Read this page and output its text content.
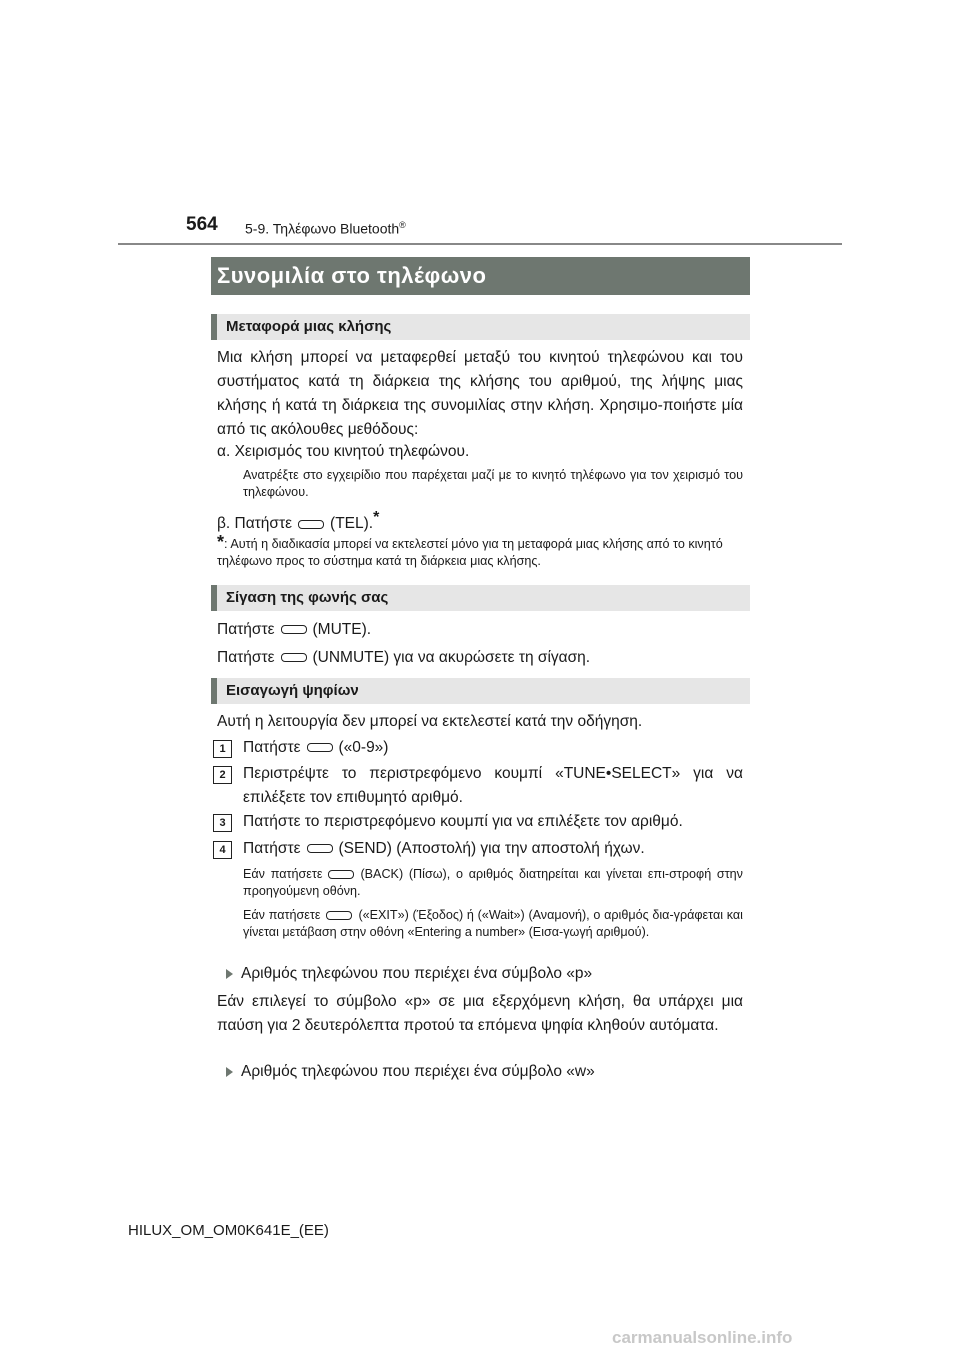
564 5-9. Τηλέφωνο Bluetooth®
Συνομιλία στο τηλέφωνο
Μεταφορά μιας κλήσης
Μια κλήση μπορεί να μεταφερθεί μεταξύ του κινητού τηλεφώνου και του συστήματος κατά τη διάρκεια της κλήσης του αριθμού, της λήψης μιας κλήσης ή κατά τη διάρκεια της συνομιλίας στην κλήση. Χρησιμο-ποιήστε μία από τις ακόλουθες μεθόδους:
α. Χειρισμός του κινητού τηλεφώνου.
Ανατρέξτε στο εγχειρίδιο που παρέχεται μαζί με το κινητό τηλέφωνο για τον χειρισμό του τηλεφώνου.
β. Πατήστε (TEL).*
*: Αυτή η διαδικασία μπορεί να εκτελεστεί μόνο για τη μεταφορά μιας κλήσης από το κινητό τηλέφωνο προς το σύστημα κατά τη διάρκεια μιας κλήσης.
Σίγαση της φωνής σας
Πατήστε (MUTE).
Πατήστε (UNMUTE) για να ακυρώσετε τη σίγαση.
Εισαγωγή ψηφίων
Αυτή η λειτουργία δεν μπορεί να εκτελεστεί κατά την οδήγηση.
1	Πατήστε («0-9»)
2	Περιστρέψτε το περιστρεφόμενο κουμπί «TUNE•SELECT» για να επιλέξετε τον επιθυμητό αριθμό.
3	Πατήστε το περιστρεφόμενο κουμπί για να επιλέξετε τον αριθμό.
4	Πατήστε (SEND) (Αποστολή) για την αποστολή ήχων.
Εάν πατήσετε	(BACK) (Πίσω), ο αριθμός διατηρείται και γίνεται επι-στροφή στην προηγούμενη οθόνη.
Εάν πατήσετε	(«EXIT») (Έξοδος) ή («Wait») (Αναμονή), ο αριθμός δια-γράφεται και γίνεται μετάβαση στην οθόνη «Entering a number» (Εισα-γωγή αριθμού).
Αριθμός τηλεφώνου που περιέχει ένα σύμβολο «p»
Εάν επιλεγεί το σύμβολο «p» σε μια εξερχόμενη κλήση, θα υπάρχει μια παύση για 2 δευτερόλεπτα προτού τα επόμενα ψηφία κληθούν αυτόματα.
Αριθμός τηλεφώνου που περιέχει ένα σύμβολο «w»
HILUX_OM_OM0K641E_(EE)
carmanualsonline.info
